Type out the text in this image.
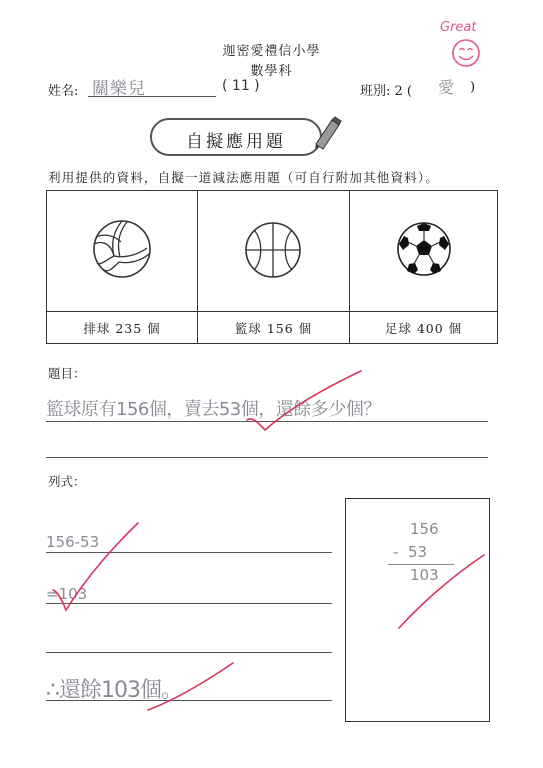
迦密愛禮信小學
數學科
姓名: 關樂兒	( 11 )	班別: 2 ( 愛 )
Great
自擬應用題
利用提供的資料，自擬一道減法應用題（可自行附加其他資料）。
排球 235 個	籃球 156 個	足球 400 個
題目：
籃球原有156個，賣去53個，還餘多少個？
列式：
156-53
=103
∴還餘103個。
156
-  53
103
